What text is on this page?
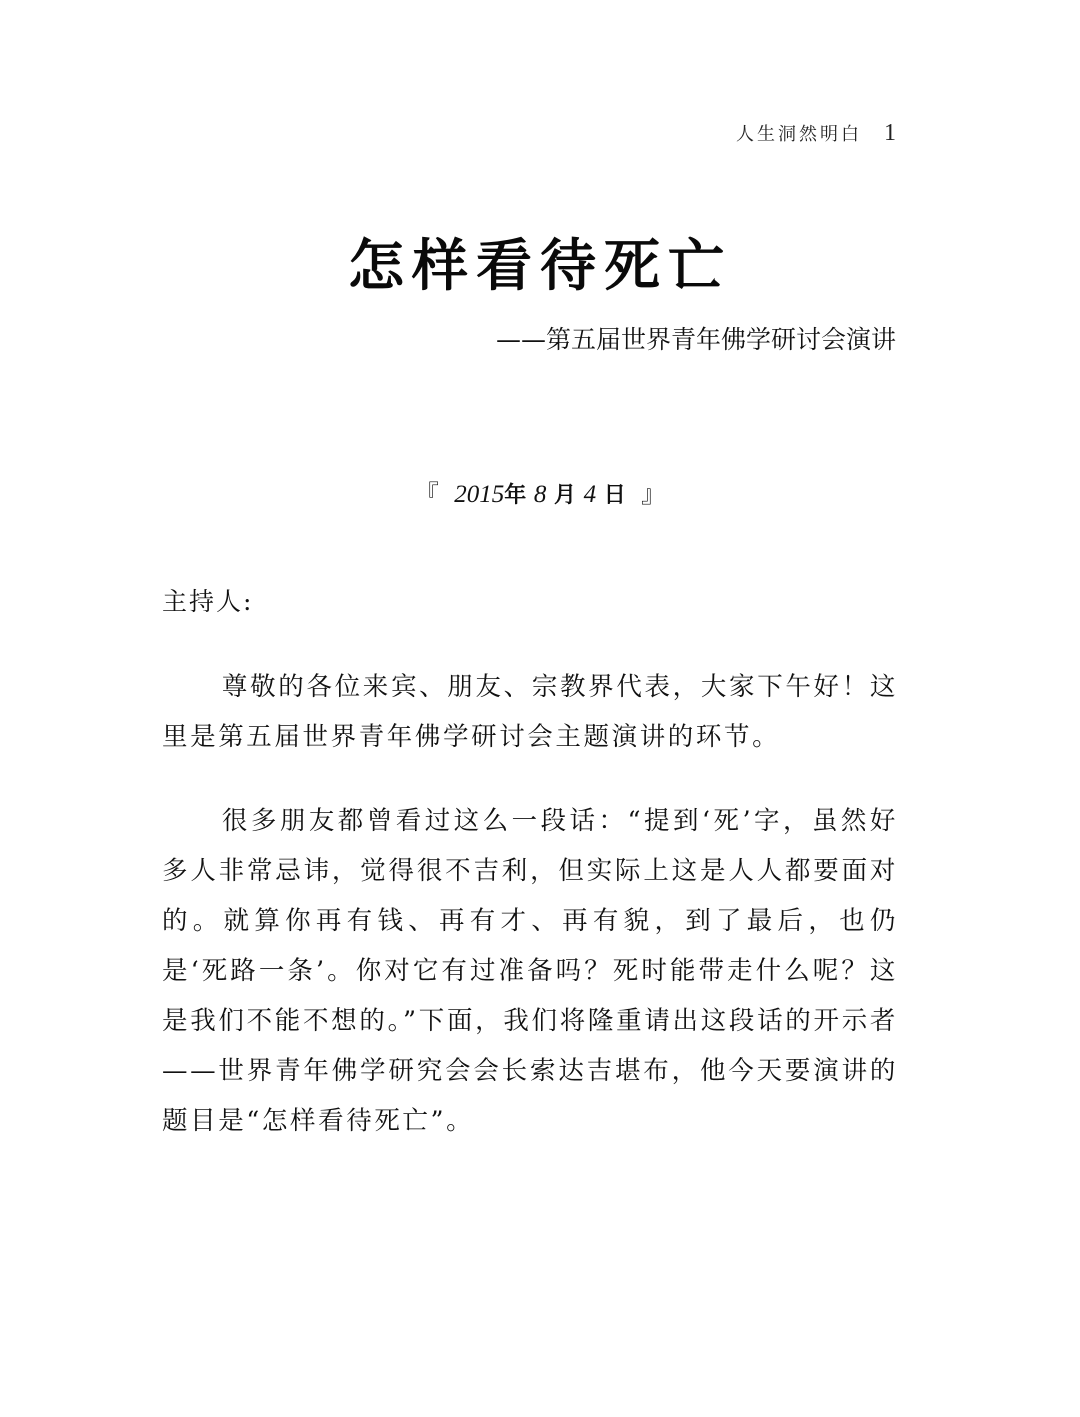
人生洞然明白 1
怎样看待死亡
——第五届世界青年佛学研讨会演讲
『 2015年 8 月 4 日 』
主持人:

尊敬的各位来宾、朋友、宗教界代表，大家下午好！这里是第五届世界青年佛学研讨会主题演讲的环节。

很多朋友都曾看过这么一段话：“提到‘死’字，虽然好多人非常忌讳，觉得很不吉利，但实际上这是人人都要面对的。就算你再有钱、再有才、再有貌，到了最后，也仍是‘死路一条’。你对它有过准备吗？死时能带走什么呢？这是我们不能不想的。”下面，我们将隆重请出这段话的开示者——世界青年佛学研究会会长索达吉堪布，他今天要演讲的题目是“怎样看待死亡”。
